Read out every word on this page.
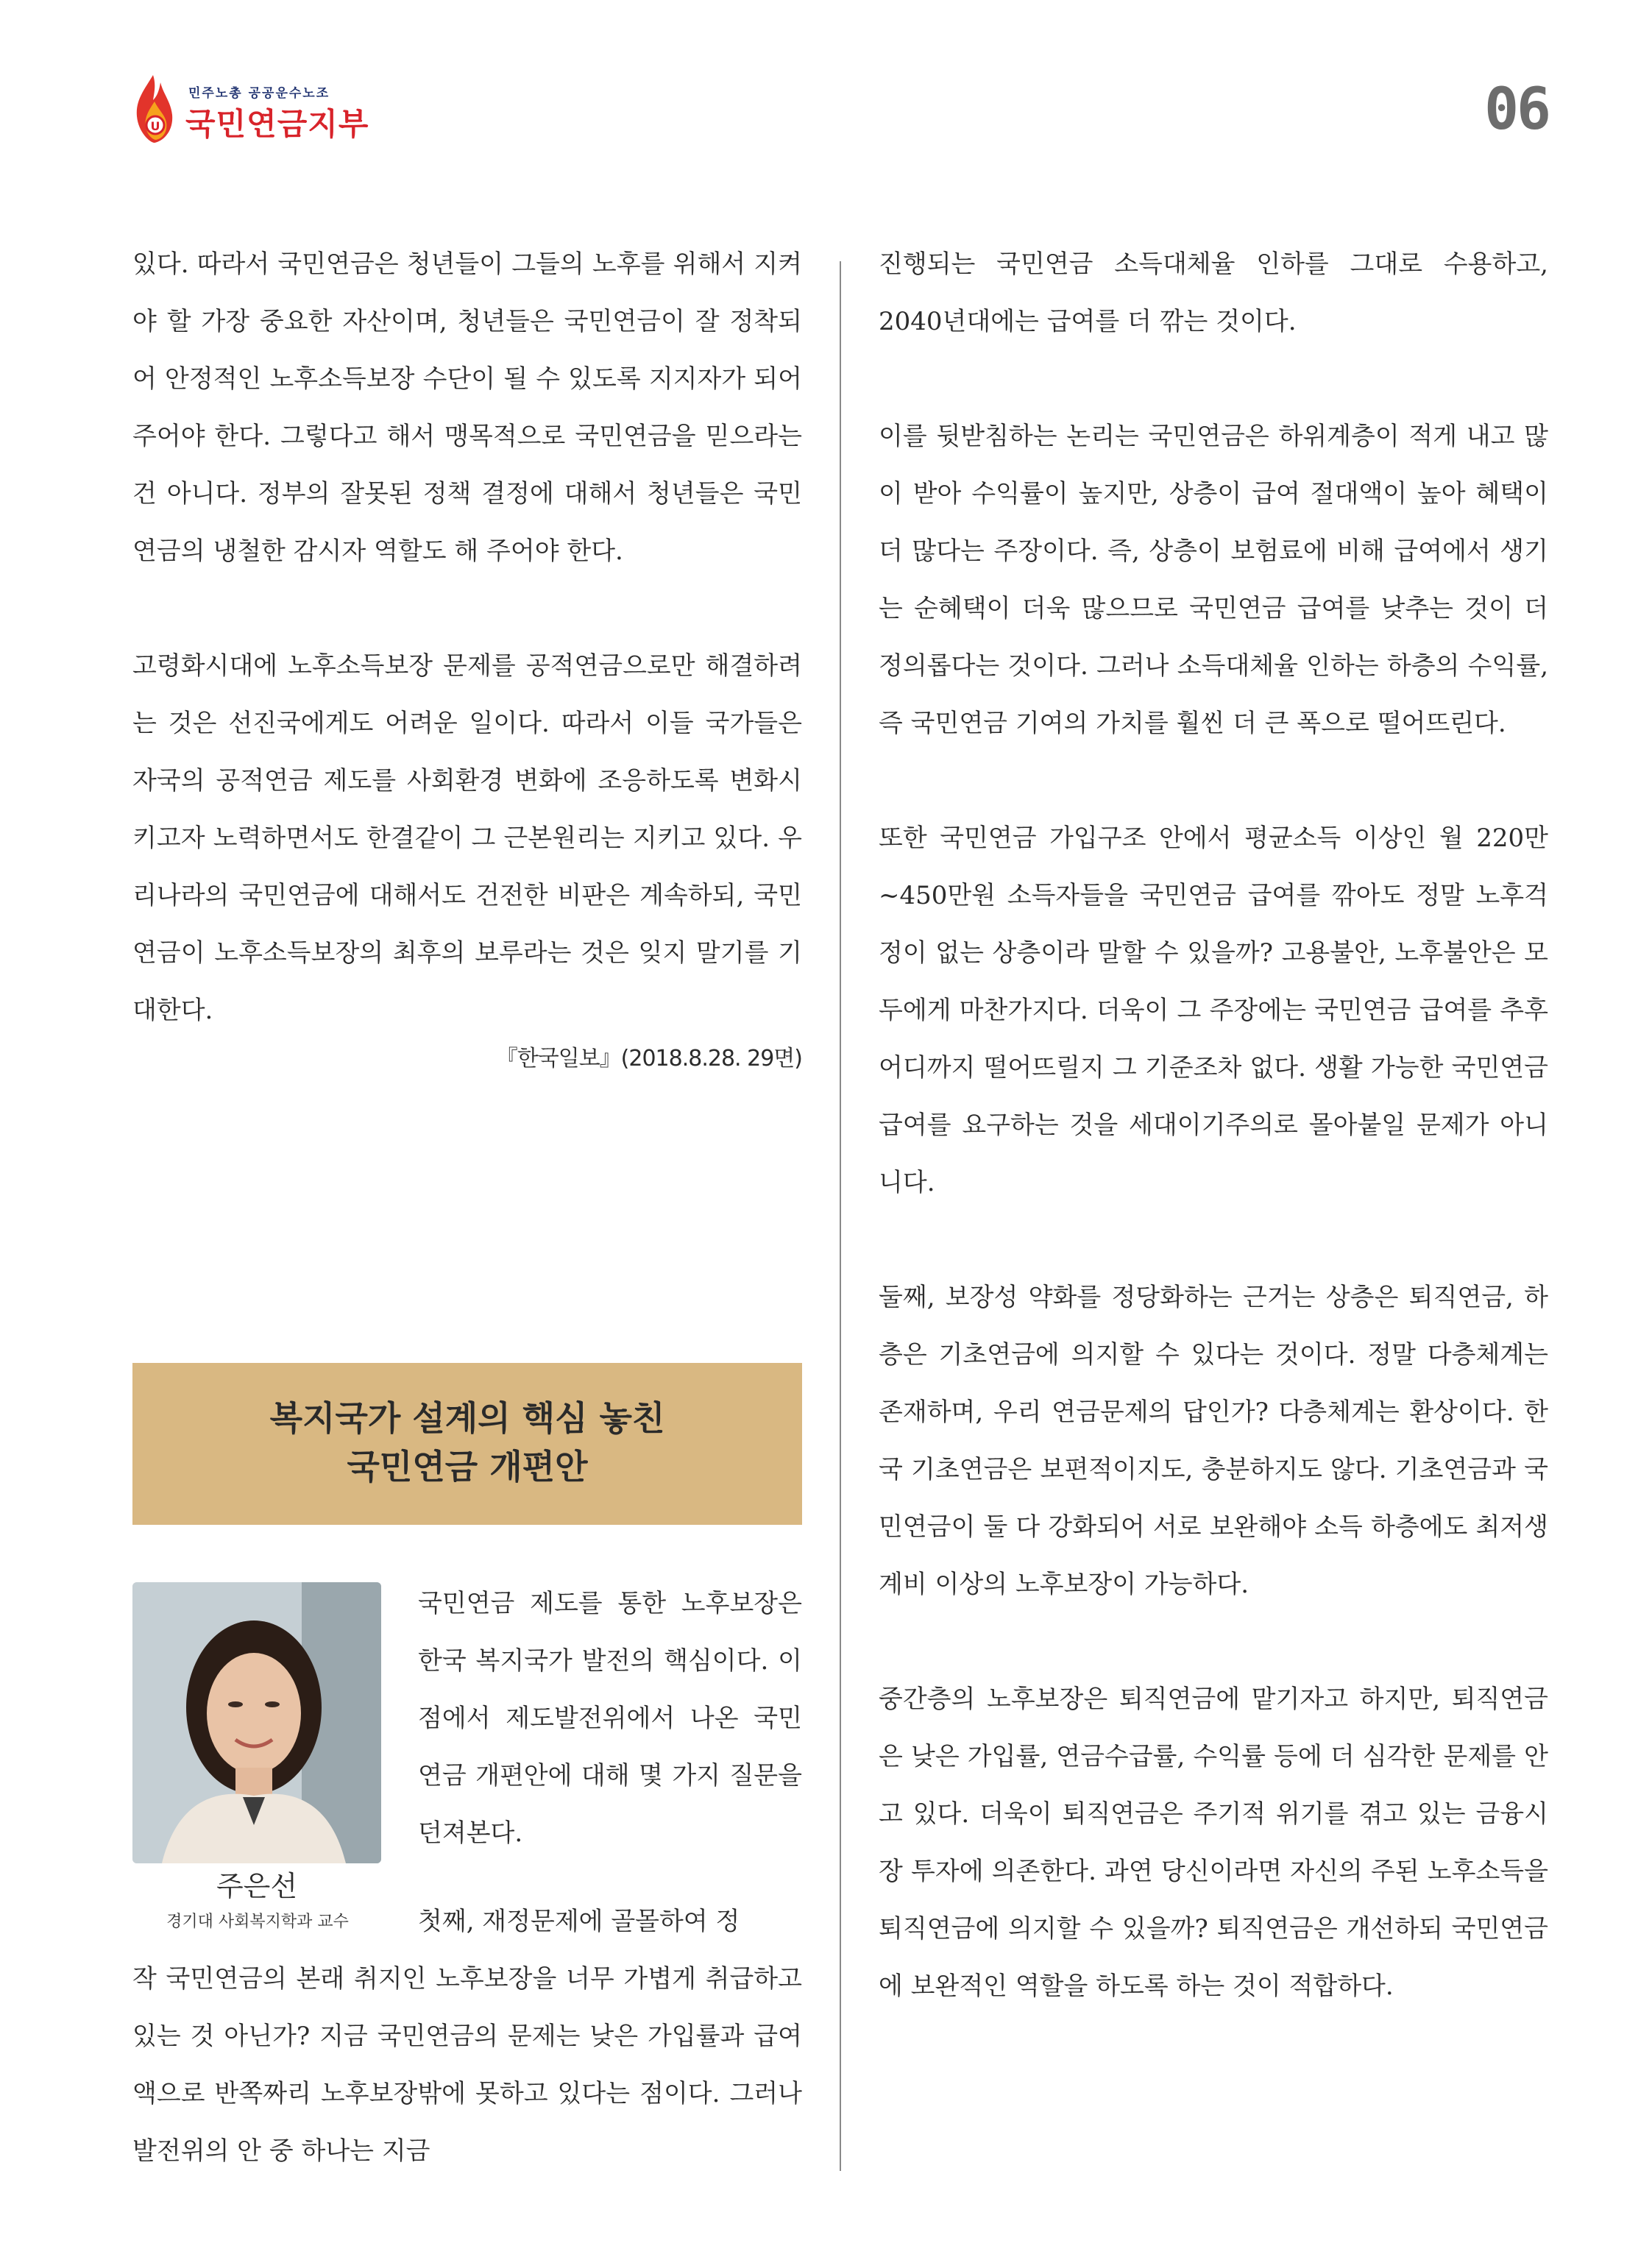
U
민주노총 공공운수노조
국민연금지부	06

있다. 따라서 국민연금은 청년들이 그들의 노후를 위해서 지켜야 할 가장 중요한 자산이며, 청년들은 국민연금이 잘 정착되어 안정적인 노후소득보장 수단이 될 수 있도록 지지자가 되어 주어야 한다. 그렇다고 해서 맹목적으로 국민연금을 믿으라는 건 아니다. 정부의 잘못된 정책 결정에 대해서 청년들은 국민연금의 냉철한 감시자 역할도 해 주어야 한다.

고령화시대에 노후소득보장 문제를 공적연금으로만 해결하려는 것은 선진국에게도 어려운 일이다. 따라서 이들 국가들은 자국의 공적연금 제도를 사회환경 변화에 조응하도록 변화시키고자 노력하면서도 한결같이 그 근본원리는 지키고 있다. 우리나라의 국민연금에 대해서도 건전한 비판은 계속하되, 국민연금이 노후소득보장의 최후의 보루라는 것은 잊지 말기를 기대한다.

『한국일보』(2018.8.28. 29면)

복지국가 설계의 핵심 놓친
국민연금 개편안
주은선
경기대 사회복지학과 교수

국민연금 제도를 통한 노후보장은 한국 복지국가 발전의 핵심이다. 이 점에서 제도발전위에서 나온 국민연금 개편안에 대해 몇 가지 질문을 던져본다.

첫째, 재정문제에 골몰하여 정
작 국민연금의 본래 취지인 노후보장을 너무 가볍게 취급하고 있는 것 아닌가? 지금 국민연금의 문제는 낮은 가입률과 급여액으로 반쪽짜리 노후보장밖에 못하고 있다는 점이다. 그러나 발전위의 안 중 하나는 지금

진행되는 국민연금 소득대체율 인하를 그대로 수용하고, 2040년대에는 급여를 더 깎는 것이다.

이를 뒷받침하는 논리는 국민연금은 하위계층이 적게 내고 많이 받아 수익률이 높지만, 상층이 급여 절대액이 높아 혜택이 더 많다는 주장이다. 즉, 상층이 보험료에 비해 급여에서 생기는 순혜택이 더욱 많으므로 국민연금 급여를 낮추는 것이 더 정의롭다는 것이다. 그러나 소득대체율 인하는 하층의 수익률, 즉 국민연금 기여의 가치를 훨씬 더 큰 폭으로 떨어뜨린다.

또한 국민연금 가입구조 안에서 평균소득 이상인 월 220만~450만원 소득자들을 국민연금 급여를 깎아도 정말 노후걱정이 없는 상층이라 말할 수 있을까? 고용불안, 노후불안은 모두에게 마찬가지다. 더욱이 그 주장에는 국민연금 급여를 추후 어디까지 떨어뜨릴지 그 기준조차 없다. 생활 가능한 국민연금 급여를 요구하는 것을 세대이기주의로 몰아붙일 문제가 아니니다.

둘째, 보장성 약화를 정당화하는 근거는 상층은 퇴직연금, 하층은 기초연금에 의지할 수 있다는 것이다. 정말 다층체계는 존재하며, 우리 연금문제의 답인가? 다층체계는 환상이다. 한국 기초연금은 보편적이지도, 충분하지도 않다. 기초연금과 국민연금이 둘 다 강화되어 서로 보완해야 소득 하층에도 최저생계비 이상의 노후보장이 가능하다.

중간층의 노후보장은 퇴직연금에 맡기자고 하지만, 퇴직연금은 낮은 가입률, 연금수급률, 수익률 등에 더 심각한 문제를 안고 있다. 더욱이 퇴직연금은 주기적 위기를 겪고 있는 금융시장 투자에 의존한다. 과연 당신이라면 자신의 주된 노후소득을 퇴직연금에 의지할 수 있을까? 퇴직연금은 개선하되 국민연금에 보완적인 역할을 하도록 하는 것이 적합하다.
